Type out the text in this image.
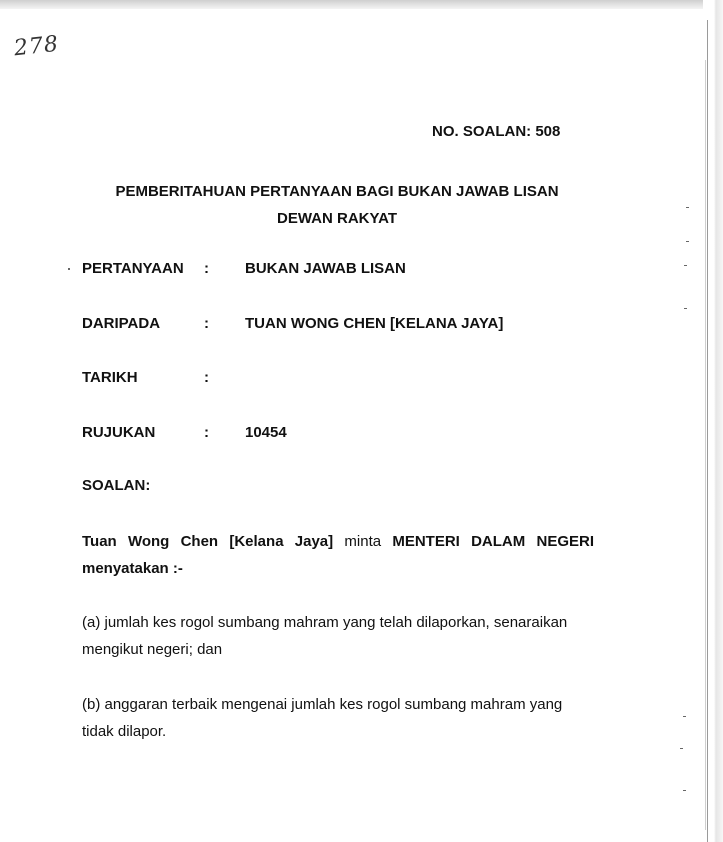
278
NO. SOALAN: 508
PEMBERITAHUAN PERTANYAAN BAGI BUKAN JAWAB LISAN
DEWAN RAKYAT
PERTANYAAN : BUKAN JAWAB LISAN
DARIPADA	: TUAN WONG CHEN [KELANA JAYA]
TARIKH	:
RUJUKAN	: 10454
SOALAN:
Tuan Wong Chen [Kelana Jaya] minta MENTERI DALAM NEGERI menyatakan :-
(a) jumlah kes rogol sumbang mahram yang telah dilaporkan, senaraikan mengikut negeri; dan
(b) anggaran terbaik mengenai jumlah kes rogol sumbang mahram yang tidak dilapor.
